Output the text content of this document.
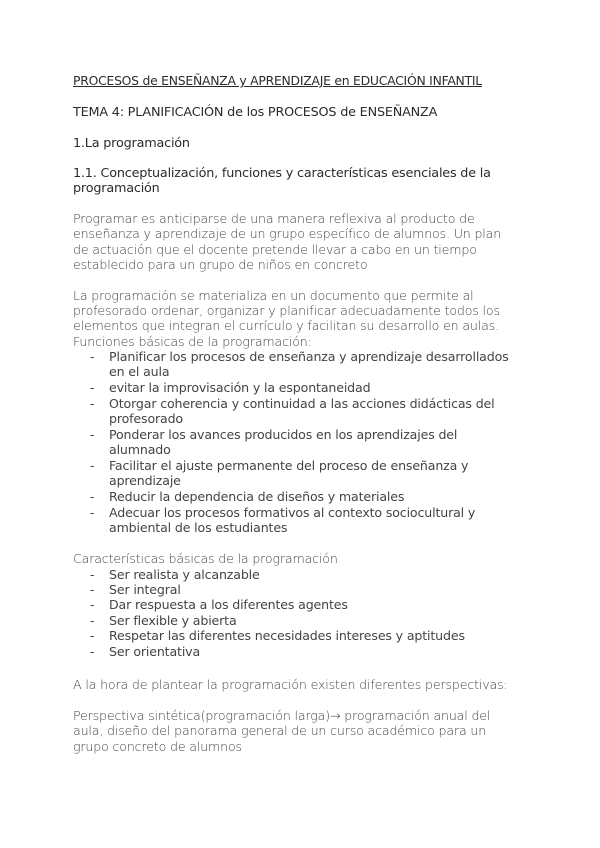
PROCESOS de ENSEÑANZA y APRENDIZAJE en EDUCACIÓN INFANTIL
TEMA 4: PLANIFICACIÓN de los PROCESOS de ENSEÑANZA
1.La programación
1.1. Conceptualización, funciones y características esenciales de la
programación
Programar es anticiparse de una manera reflexiva al producto de
enseñanza y aprendizaje de un grupo específico de alumnos. Un plan
de actuación que el docente pretende llevar a cabo en un tiempo
establecido para un grupo de niños en concreto
La programación se materializa en un documento que permite al
profesorado ordenar, organizar y planificar adecuadamente todos los
elementos que integran el currículo y facilitan su desarrollo en aulas.
Funciones básicas de la programación:
- Planificar los procesos de enseñanza y aprendizaje desarrollados
en el aula
- evitar la improvisación y la espontaneidad
- Otorgar coherencia y continuidad a las acciones didácticas del
profesorado
- Ponderar los avances producidos en los aprendizajes del
alumnado
- Facilitar el ajuste permanente del proceso de enseñanza y
aprendizaje
- Reducir la dependencia de diseños y materiales
- Adecuar los procesos formativos al contexto sociocultural y
ambiental de los estudiantes
Características básicas de la programación
- Ser realista y alcanzable
- Ser integral
- Dar respuesta a los diferentes agentes
- Ser flexible y abierta
- Respetar las diferentes necesidades intereses y aptitudes
- Ser orientativa
A la hora de plantear la programación existen diferentes perspectivas:
Perspectiva sintética(programación larga)→ programación anual del
aula, diseño del panorama general de un curso académico para un
grupo concreto de alumnos
